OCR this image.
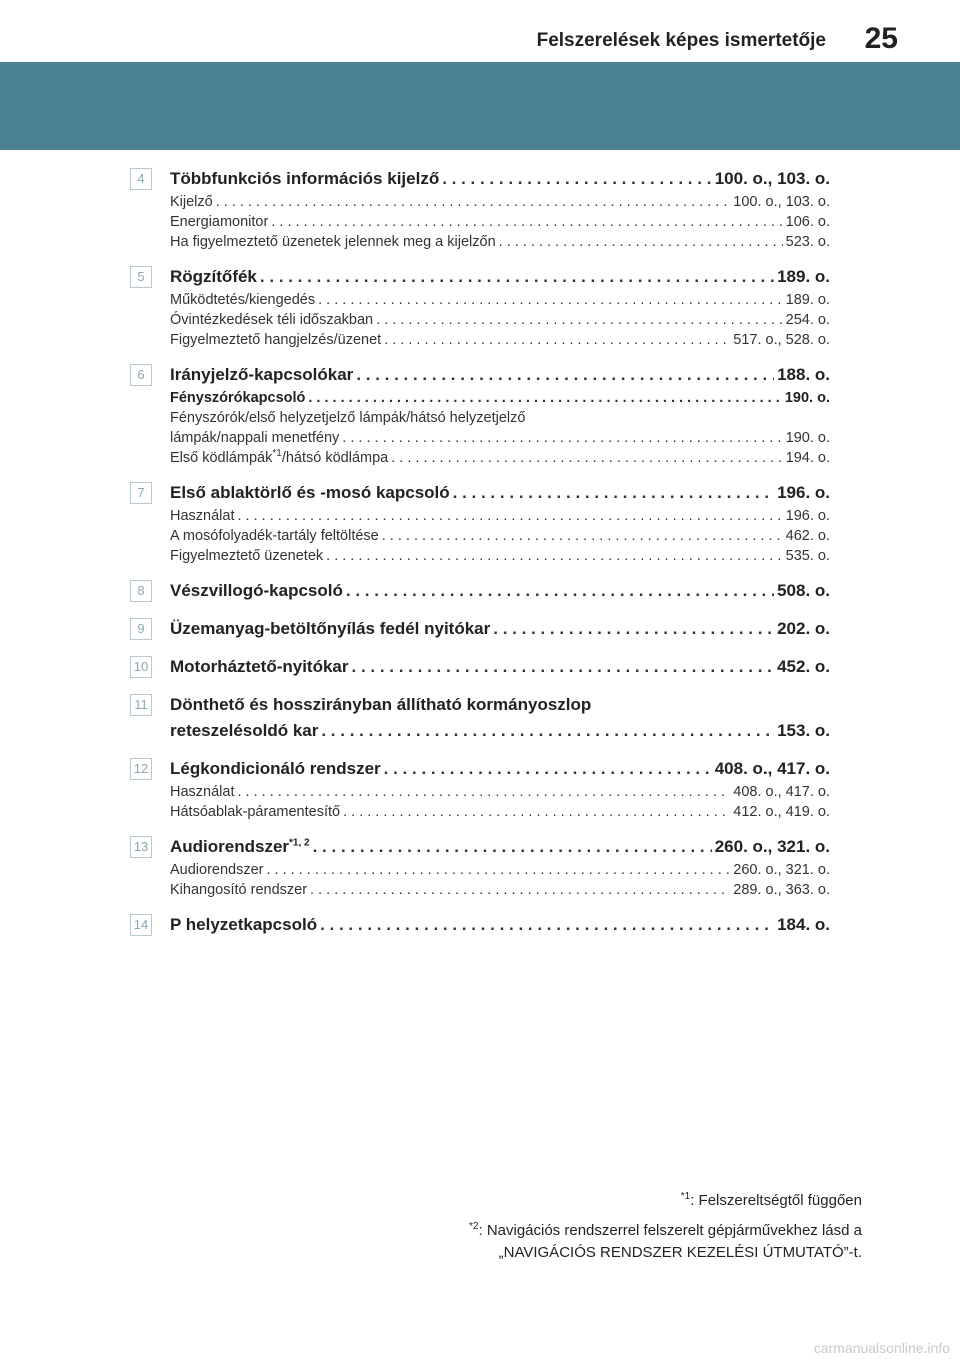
Felszerelések képes ismertetője 25
4	Többfunkciós információs kijelző . . .	100. o., 103. o.
Kijelző . . .	100. o., 103. o.
Energiamonitor . . .	106. o.
Ha figyelmeztető üzenetek jelennek meg a kijelzőn . . .	523. o.
5	Rögzítőfék . . .	189. o.
Működtetés/kiengedés . . .	189. o.
Óvintézkedések téli időszakban . . .	254. o.
Figyelmeztető hangjelzés/üzenet . . .	517. o., 528. o.
6	Irányjelző-kapcsolókar . . .	188. o.
Fényszórókapcsoló . . .	190. o.
Fényszórók/első helyzetjelző lámpák/hátsó helyzetjelző
lámpák/nappali menetfény . . .	190. o.
Első ködlámpák$^{*1}$/hátsó ködlámpa . . .	194. o.
7	Első ablaktörlő és -mosó kapcsoló . . .	196. o.
Használat . . .	196. o.
A mosófolyadék-tartály feltöltése . . .	462. o.
Figyelmeztető üzenetek . . .	535. o.
8	Vészvillogó-kapcsoló . . .	508. o.
9	Üzemanyag-betöltőnyílás fedél nyitókar . . .	202. o.
10 Motorháztető-nyitókar . . .	452. o.
11 Dönthető és hosszirányban állítható kormányoszlop
reteszelésoldó kar . . .	153. o.
12 Légkondicionáló rendszer . . .	408. o., 417. o.
Használat . . .	408. o., 417. o.
Hátsóablak-páramentesítő . . .	412. o., 419. o.
13 Audiorendszer$^{*1, 2}$ . . .	260. o., 321. o.
Audiorendszer . . .	260. o., 321. o.
Kihangosító rendszer . . .	289. o., 363. o.
14 P helyzetkapcsoló . . .	184. o.
$^{*1}$: Felszereltségtől függően
$^{*2}$: Navigációs rendszerrel felszerelt gépjárművekhez lásd a
„NAVIGÁCIÓS RENDSZER KEZELÉSI ÚTMUTATÓ”-t.
carmanualsonline.info
